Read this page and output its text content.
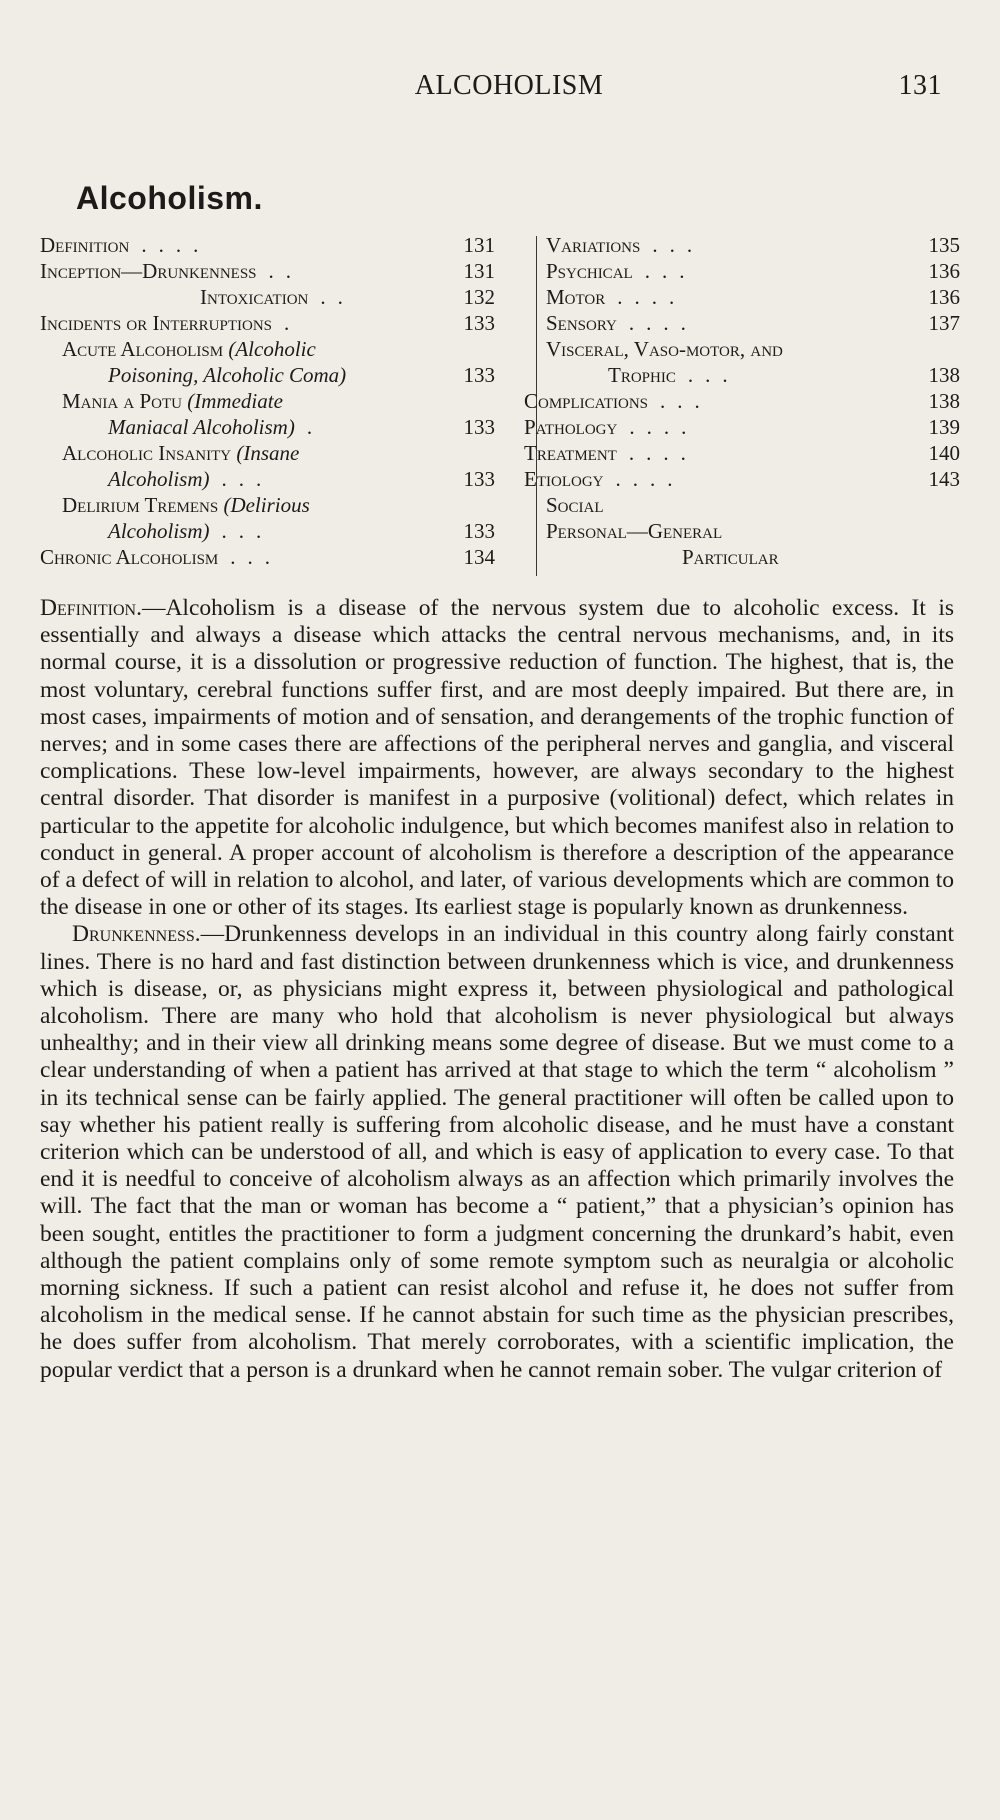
ALCOHOLISM	131
Alcoholism.
Definition ....	131
Inception—Drunkenness ..	131
Intoxication ..	132
Incidents or Interruptions .	133
Acute Alcoholism (Alcoholic
Poisoning, Alcoholic Coma)	133
Mania a Potu (Immediate
Maniacal Alcoholism) .	133
Alcoholic Insanity (Insane
Alcoholism) ...	133
Delirium Tremens (Delirious
Alcoholism) ...	133
Chronic Alcoholism ...	134
Variations ...	135
Psychical ...	136
Motor ....	136
Sensory ....	137
Visceral, Vaso-motor, and
Trophic ...	138
Complications ...	138
Pathology ....	139
Treatment ....	140
Etiology ....	143
Social
Personal—General
Particular

Definition.—Alcoholism is a disease of the nervous system due to alcoholic excess. It is essentially and always a disease which attacks the central nervous mechanisms, and, in its normal course, it is a dissolution or progressive reduction of function. The highest, that is, the most voluntary, cerebral functions suffer first, and are most deeply impaired. But there are, in most cases, impairments of motion and of sensation, and derangements of the trophic function of nerves; and in some cases there are affections of the peripheral nerves and ganglia, and visceral complications. These low-level impairments, however, are always secondary to the highest central disorder. That disorder is manifest in a purposive (volitional) defect, which relates in particular to the appetite for alcoholic indulgence, but which becomes manifest also in relation to conduct in general. A proper account of alcoholism is therefore a description of the appearance of a defect of will in relation to alcohol, and later, of various developments which are common to the disease in one or other of its stages. Its earliest stage is popularly known as drunkenness.

Drunkenness.—Drunkenness develops in an individual in this country along fairly constant lines. There is no hard and fast distinction between drunkenness which is vice, and drunkenness which is disease, or, as physicians might express it, between physiological and pathological alcoholism. There are many who hold that alcoholism is never physiological but always unhealthy; and in their view all drinking means some degree of disease. But we must come to a clear understanding of when a patient has arrived at that stage to which the term “ alcoholism ” in its technical sense can be fairly applied. The general practitioner will often be called upon to say whether his patient really is suffering from alcoholic disease, and he must have a constant criterion which can be understood of all, and which is easy of application to every case. To that end it is needful to conceive of alcoholism always as an affection which primarily involves the will. The fact that the man or woman has become a “ patient,” that a physician’s opinion has been sought, entitles the practitioner to form a judgment concerning the drunkard’s habit, even although the patient complains only of some remote symptom such as neuralgia or alcoholic morning sickness. If such a patient can resist alcohol and refuse it, he does not suffer from alcoholism in the medical sense. If he cannot abstain for such time as the physician prescribes, he does suffer from alcoholism. That merely corroborates, with a scientific implication, the popular verdict that a person is a drunkard when he cannot remain sober. The vulgar criterion of
